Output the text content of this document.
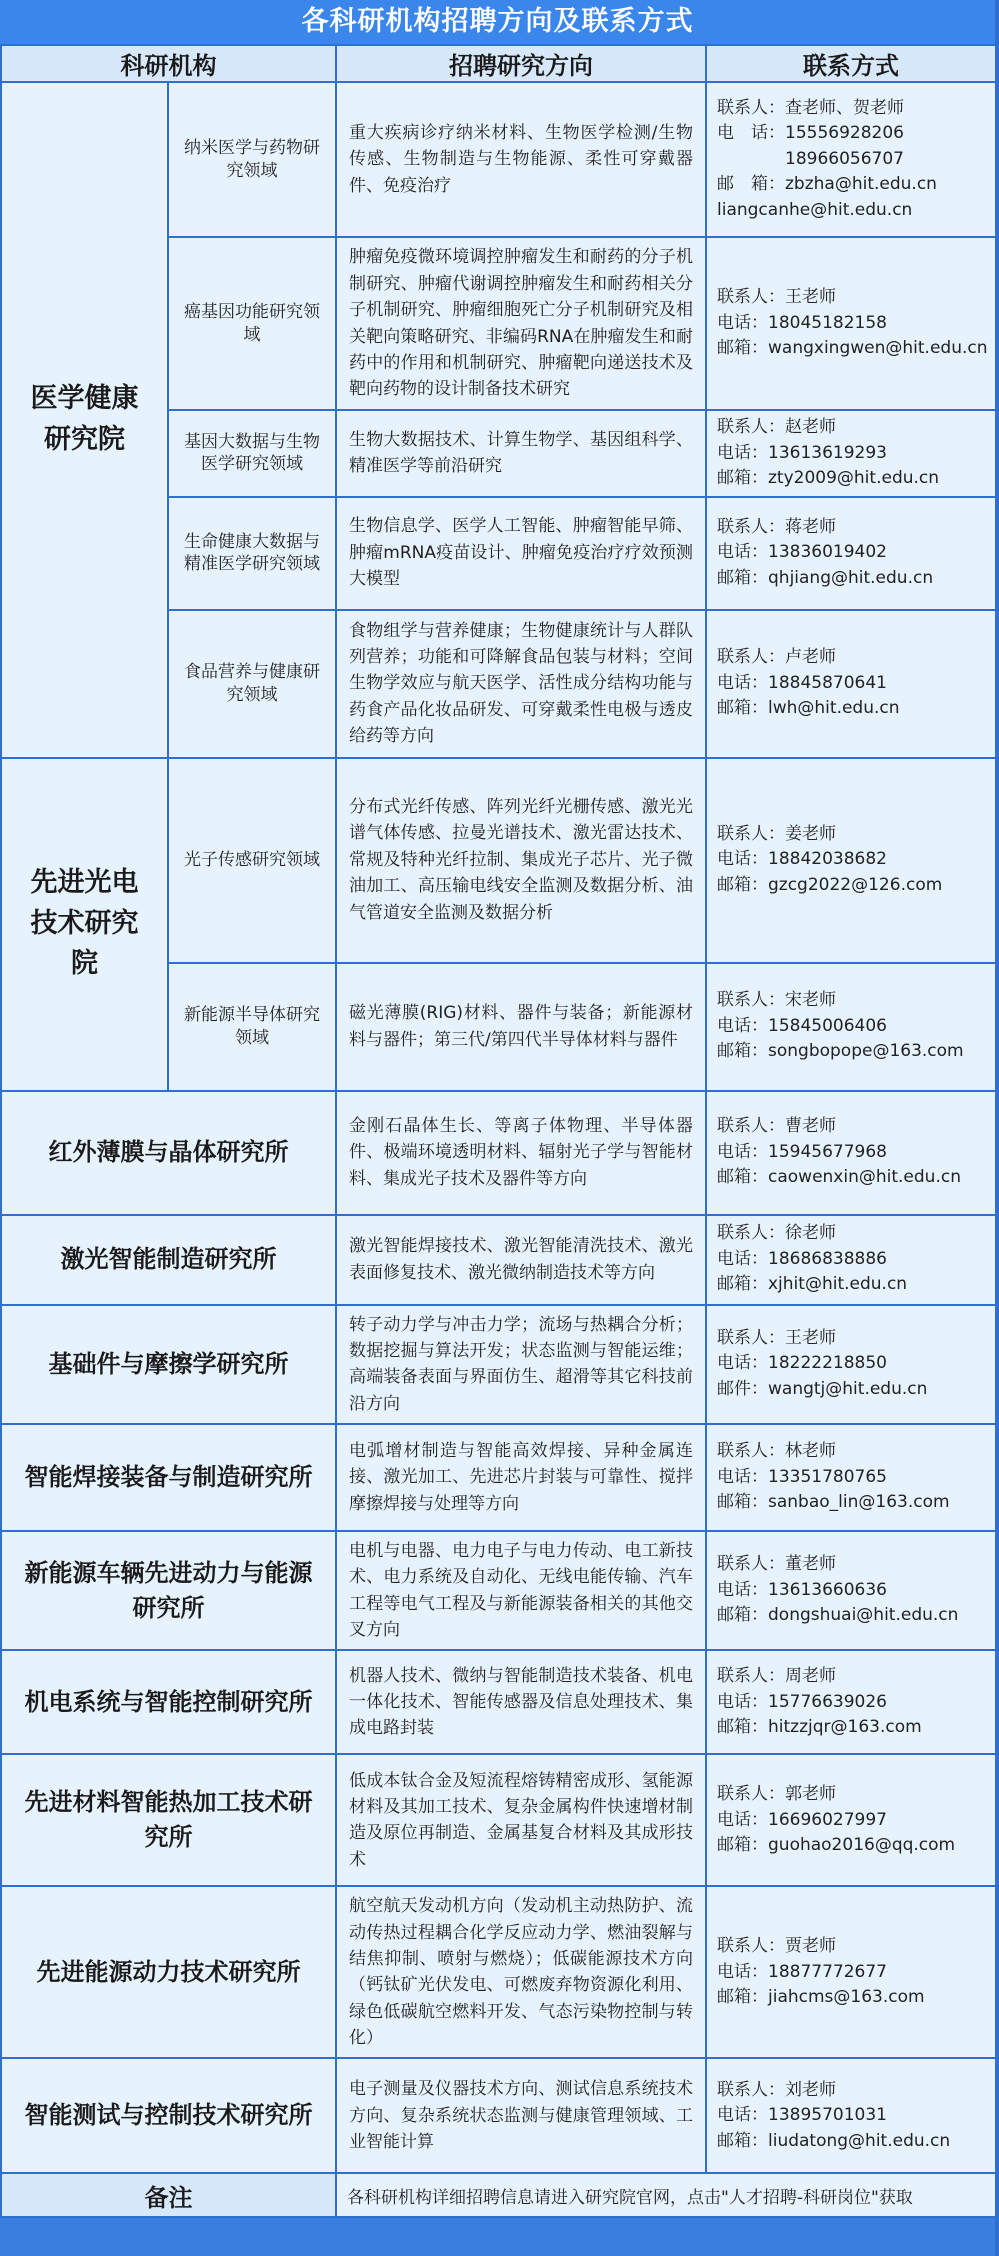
各科研机构招聘方向及联系方式
科研机构		招聘研究方向	联系方式
医学健康研究院	纳米医学与药物研究领域	重大疾病诊疗纳米材料、生物医学检测/生物传感、生物制造与生物能源、柔性可穿戴器件、免疫治疗	联系人：查老师、贺老师
电　话：15556928206
　　　　18966056707
邮　箱：zbzha@hit.edu.cn
liangcanhe@hit.edu.cn

	癌基因功能研究领域	肿瘤免疫微环境调控肿瘤发生和耐药的分子机制研究、肿瘤代谢调控肿瘤发生和耐药相关分子机制研究、肿瘤细胞死亡分子机制研究及相关靶向策略研究、非编码RNA在肿瘤发生和耐药中的作用和机制研究、肿瘤靶向递送技术及靶向药物的设计制备技术研究	联系人：王老师
电话：18045182158
邮箱：wangxingwen@hit.edu.cn

	基因大数据与生物医学研究领域	生物大数据技术、计算生物学、基因组科学、精准医学等前沿研究	联系人：赵老师
电话：13613619293
邮箱：zty2009@hit.edu.cn

	生命健康大数据与精准医学研究领域	生物信息学、医学人工智能、肿瘤智能早筛、肿瘤mRNA疫苗设计、肿瘤免疫治疗疗效预测大模型	联系人：蒋老师
电话：13836019402
邮箱：qhjiang@hit.edu.cn

	食品营养与健康研究领域	食物组学与营养健康；生物健康统计与人群队列营养；功能和可降解食品包装与材料；空间生物学效应与航天医学、活性成分结构功能与药食产品化妆品研发、可穿戴柔性电极与透皮给药等方向	联系人：卢老师
电话：18845870641
邮箱：lwh@hit.edu.cn

先进光电技术研究院	光子传感研究领域	分布式光纤传感、阵列光纤光栅传感、激光光谱气体传感、拉曼光谱技术、激光雷达技术、常规及特种光纤拉制、集成光子芯片、光子微油加工、高压输电线安全监测及数据分析、油气管道安全监测及数据分析	联系人：姜老师
电话：18842038682
邮箱：gzcg2022@126.com

	新能源半导体研究领域	磁光薄膜(RIG)材料、器件与装备；新能源材料与器件；第三代/第四代半导体材料与器件	联系人：宋老师
电话：15845006406
邮箱：songbopope@163.com

红外薄膜与晶体研究所		金刚石晶体生长、等离子体物理、半导体器件、极端环境透明材料、辐射光子学与智能材料、集成光子技术及器件等方向	联系人：曹老师
电话：15945677968
邮箱：caowenxin@hit.edu.cn

激光智能制造研究所		激光智能焊接技术、激光智能清洗技术、激光表面修复技术、激光微纳制造技术等方向	联系人：徐老师
电话：18686838886
邮箱：xjhit@hit.edu.cn

基础件与摩擦学研究所		转子动力学与冲击力学；流场与热耦合分析；数据挖掘与算法开发；状态监测与智能运维；高端装备表面与界面仿生、超滑等其它科技前沿方向	联系人：王老师
电话：18222218850
邮件：wangtj@hit.edu.cn

智能焊接装备与制造研究所		电弧增材制造与智能高效焊接、异种金属连接、激光加工、先进芯片封装与可靠性、搅拌摩擦焊接与处理等方向	联系人：林老师
电话：13351780765
邮箱：sanbao_lin@163.com

新能源车辆先进动力与能源研究所		电机与电器、电力电子与电力传动、电工新技术、电力系统及自动化、无线电能传输、汽车工程等电气工程及与新能源装备相关的其他交叉方向	联系人：董老师
电话：13613660636
邮箱：dongshuai@hit.edu.cn

机电系统与智能控制研究所		机器人技术、微纳与智能制造技术装备、机电一体化技术、智能传感器及信息处理技术、集成电路封装	联系人：周老师
电话：15776639026
邮箱：hitzzjqr@163.com

先进材料智能热加工技术研究所		低成本钛合金及短流程熔铸精密成形、氢能源材料及其加工技术、复杂金属构件快速增材制造及原位再制造、金属基复合材料及其成形技术	联系人：郭老师
电话：16696027997
邮箱：guohao2016@qq.com

先进能源动力技术研究所		航空航天发动机方向（发动机主动热防护、流动传热过程耦合化学反应动力学、燃油裂解与结焦抑制、喷射与燃烧）；低碳能源技术方向（钙钛矿光伏发电、可燃废弃物资源化利用、绿色低碳航空燃料开发、气态污染物控制与转化）	联系人：贾老师
电话：18877772677
邮箱：jiahcms@163.com

智能测试与控制技术研究所		电子测量及仪器技术方向、测试信息系统技术方向、复杂系统状态监测与健康管理领域、工业智能计算	联系人：刘老师
电话：13895701031
邮箱：liudatong@hit.edu.cn

备注		各科研机构详细招聘信息请进入研究院官网，点击"人才招聘-科研岗位"获取	
